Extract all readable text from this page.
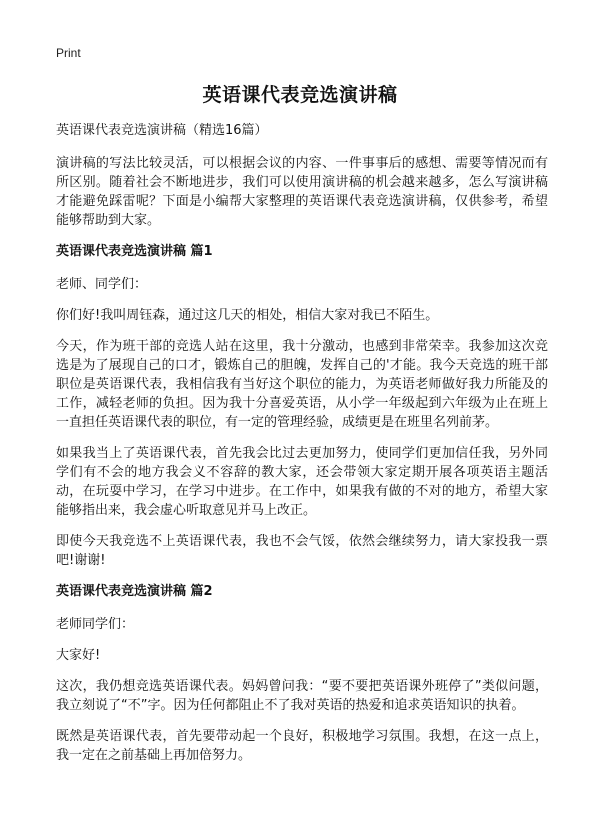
Print
英语课代表竞选演讲稿

英语课代表竞选演讲稿（精选16篇）

演讲稿的写法比较灵活，可以根据会议的内容、一件事事后的感想、需要等情况而有所区别。随着社会不断地进步，我们可以使用演讲稿的机会越来越多，怎么写演讲稿才能避免踩雷呢？下面是小编帮大家整理的英语课代表竞选演讲稿，仅供参考，希望能够帮助到大家。

英语课代表竞选演讲稿 篇1

老师、同学们：

你们好!我叫周钰森，通过这几天的相处，相信大家对我已不陌生。

今天，作为班干部的竞选人站在这里，我十分激动，也感到非常荣幸。我参加这次竞选是为了展现自己的口才，锻炼自己的胆魄，发挥自己的'才能。我今天竞选的班干部职位是英语课代表，我相信我有当好这个职位的能力，为英语老师做好我力所能及的工作，减轻老师的负担。因为我十分喜爱英语，从小学一年级起到六年级为止在班上一直担任英语课代表的职位，有一定的管理经验，成绩更是在班里名列前茅。

如果我当上了英语课代表，首先我会比过去更加努力，使同学们更加信任我，另外同学们有不会的地方我会义不容辞的教大家，还会带领大家定期开展各项英语主题活动，在玩耍中学习，在学习中进步。在工作中，如果我有做的不对的地方，希望大家能够指出来，我会虚心听取意见并马上改正。

即使今天我竞选不上英语课代表，我也不会气馁，依然会继续努力，请大家投我一票吧!谢谢!

英语课代表竞选演讲稿 篇2

老师同学们：

大家好!

这次，我仍想竞选英语课代表。妈妈曾问我：“要不要把英语课外班停了”类似问题，我立刻说了“不”字。因为任何都阻止不了我对英语的热爱和追求英语知识的执着。

既然是英语课代表，首先要带动起一个良好，积极地学习氛围。我想，在这一点上，我一定在之前基础上再加倍努力。
